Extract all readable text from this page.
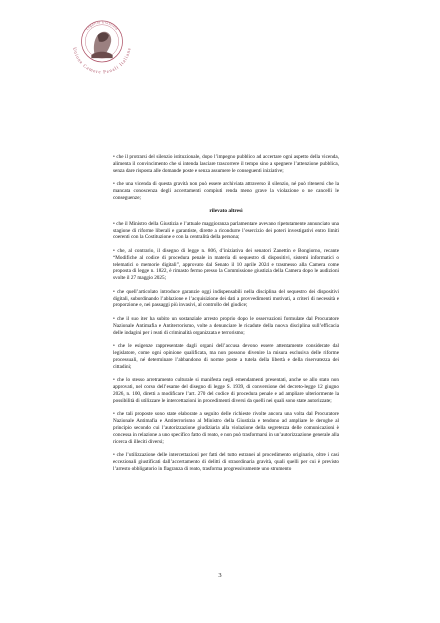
Unione Camere Penali Italiane
Legalità Giustizia

• che il protrarsi del silenzio istituzionale, dopo l’impegno pubblico ad accertare ogni aspetto della vicenda, alimenta il convincimento che si intenda lasciare trascorrere il tempo sino a spegnere l’attenzione pubblica, senza dare risposta alle domande poste e senza assumere le conseguenti iniziative;

• che una vicenda di questa gravità non può essere archiviata attraverso il silenzio, né può ritenersi che la mancata conoscenza degli accertamenti compiuti renda meno grave la violazione o ne cancelli le conseguenze;

rilevato altresì

• che il Ministro della Giustizia e l’attuale maggioranza parlamentare avevano ripetutamente annunciato una stagione di riforme liberali e garantiste, dirette a ricondurre l’esercizio dei poteri investigativi entro limiti coerenti con la Costituzione e con la centralità della persona;

• che, al contrario, il disegno di legge n. 806, d’iniziativa dei senatori Zanettin e Bongiorno, recante “Modifiche al codice di procedura penale in materia di sequestro di dispositivi, sistemi informatici o telematici o memorie digitali”, approvato dal Senato il 10 aprile 2024 e trasmesso alla Camera come proposta di legge n. 1822, è rimasto fermo presso la Commissione giustizia della Camera dopo le audizioni svolte il 27 maggio 2025;

• che quell’articolato introduce garanzie oggi indispensabili nella disciplina del sequestro dei dispositivi digitali, subordinando l’ablazione e l’acquisizione dei dati a provvedimenti motivati, a criteri di necessità e proporzione e, nei passaggi più invasivi, al controllo del giudice;

• che il suo iter ha subito un sostanziale arresto proprio dopo le osservazioni formulate dal Procuratore Nazionale Antimafia e Antiterrorismo, volte a denunciare le ricadute della nuova disciplina sull’efficacia delle indagini per i reati di criminalità organizzata e terrorismo;

• che le esigenze rappresentate dagli organi dell’accusa devono essere attentamente considerate dal legislatore, come ogni opinione qualificata, ma non possono divenire la misura esclusiva delle riforme processuali, né determinare l’abbandono di norme poste a tutela della libertà e della riservatezza dei cittadini;

• che lo stesso arretramento culturale si manifesta negli emendamenti presentati, anche se allo stato non approvati, nel corso dell’esame del disegno di legge S. 1939, di conversione del decreto-legge 12 giugno 2026, n. 100, diretti a modificare l’art. 270 del codice di procedura penale e ad ampliare ulteriormente la possibilità di utilizzare le intercettazioni in procedimenti diversi da quelli nei quali sono state autorizzate;

• che tali proposte sono state elaborate a seguito delle richieste rivolte ancora una volta dal Procuratore Nazionale Antimafia e Antiterrorismo al Ministro della Giustizia e tendono ad ampliare le deroghe al principio secondo cui l’autorizzazione giudiziaria alla violazione della segretezza delle comunicazioni è concessa in relazione a uno specifico fatto di reato, e non può trasformarsi in un’autorizzazione generale alla ricerca di illeciti diversi;

• che l’utilizzazione delle intercettazioni per fatti del tutto estranei al procedimento originario, oltre i casi eccezionali giustificati dall’accertamento di delitti di straordinaria gravità, quali quelli per cui è previsto l’arresto obbligatorio in flagranza di reato, trasforma progressivamente uno strumento

3
